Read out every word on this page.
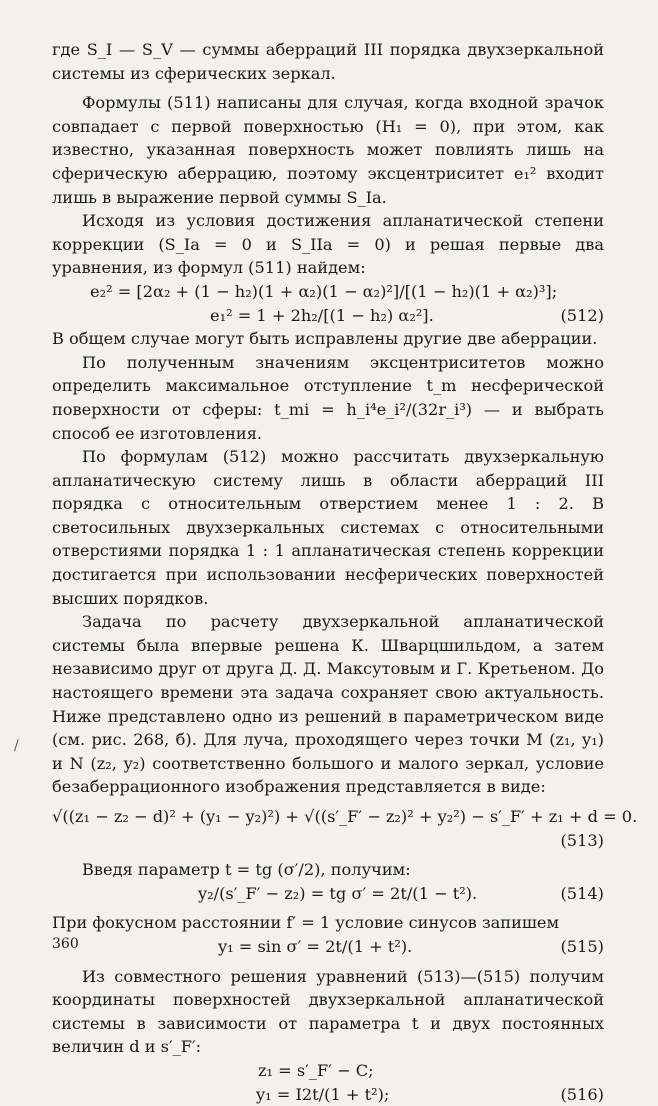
где S_I — S_V — суммы аберраций III порядка двухзеркальной системы из сферических зеркал.

Формулы (511) написаны для случая, когда входной зрачок совпадает с первой поверхностью (H₁ = 0), при этом, как известно, указанная поверхность может повлиять лишь на сферическую аберрацию, поэтому эксцентриситет e₁² входит лишь в выражение первой суммы S_Ia.

Исходя из условия достижения апланатической степени коррекции (S_Ia = 0 и S_IIa = 0) и решая первые два уравнения, из формул (511) найдем:

e₂² = [2α₂ + (1 − h₂)(1 + α₂)(1 − α₂)²]/[(1 − h₂)(1 + α₂)³];
e₁² = 1 + 2h₂/[(1 − h₂) α₂²].	(512)

В общем случае могут быть исправлены другие две аберрации.

По полученным значениям эксцентриситетов можно определить максимальное отступление t_m несферической поверхности от сферы: t_mi = h_i⁴e_i²/(32r_i³) — и выбрать способ ее изготовления.

По формулам (512) можно рассчитать двухзеркальную апланатическую систему лишь в области аберраций III порядка с относительным отверстием менее 1 : 2. В светосильных двухзеркальных системах с относительными отверстиями порядка 1 : 1 апланатическая степень коррекции достигается при использовании несферических поверхностей высших порядков.

Задача по расчету двухзеркальной апланатической системы была впервые решена К. Шварцшильдом, а затем независимо друг от друга Д. Д. Максутовым и Г. Кретьеном. До настоящего времени эта задача сохраняет свою актуальность. Ниже представлено одно из решений в параметрическом виде (см. рис. 268, б). Для луча, проходящего через точки M (z₁, y₁) и N (z₂, y₂) соответственно большого и малого зеркал, условие безаберрационного изображения представляется в виде:

√((z₁ − z₂ − d)² + (y₁ − y₂)²) + √((s′_F′ − z₂)² + y₂²) − s′_F′ + z₁ + d = 0.
(513)

Введя параметр t = tg (σ′/2), получим:

y₂/(s′_F′ − z₂) = tg σ′ = 2t/(1 − t²).	(514)

При фокусном расстоянии f′ = 1 условие синусов запишем

y₁ = sin σ′ = 2t/(1 + t²).	(515)

Из совместного решения уравнений (513)—(515) получим координаты поверхностей двухзеркальной апланатической системы в зависимости от параметра t и двух постоянных величин d и s′_F′:

z₁ = s′_F′ − C;
y₁ = I2t/(1 + t²);	(516)
/
360
